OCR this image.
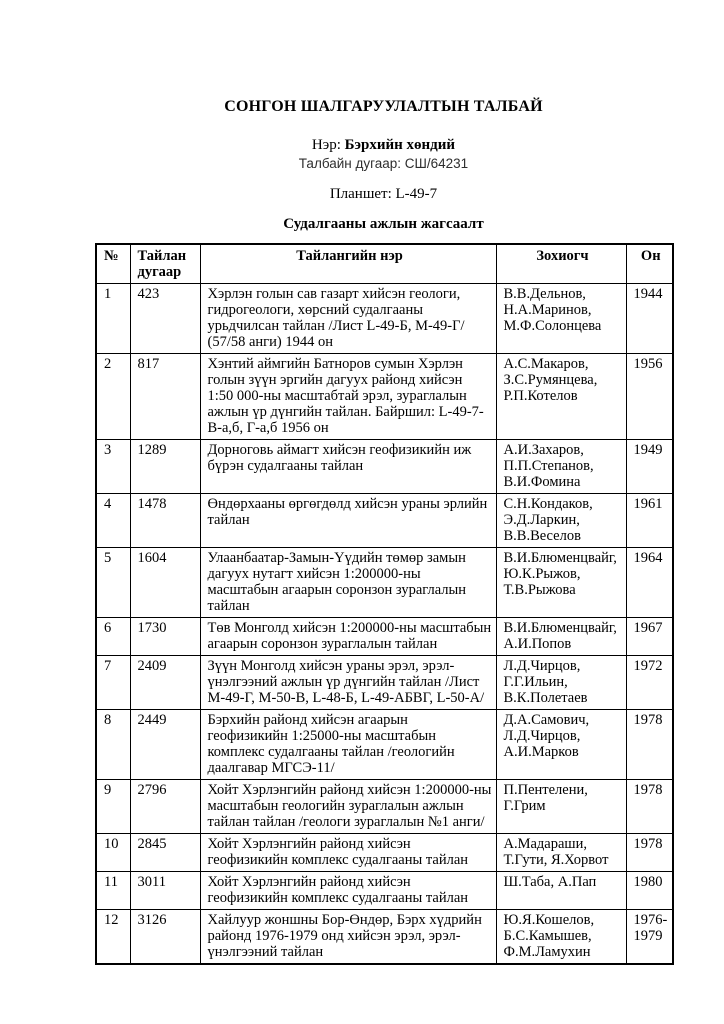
СОНГОН ШАЛГАРУУЛАЛТЫН ТАЛБАЙ
Нэр: Бэрхийн хөндий
Талбайн дугаар: СШ/64231
Планшет: L-49-7
Судалгааны ажлын жагсаалт
№	Тайлан дугаар	Тайлангийн нэр	Зохиогч	Он
1	423	Хэрлэн голын сав газарт хийсэн геологи, гидрогеологи, хөрсний судалгааны урьдчилсан тайлан /Лист L-49-Б, М-49-Г/ (57/58 анги) 1944 он	В.В.Дельнов, Н.А.Маринов, М.Ф.Солонцева	1944
2	817	Хэнтий аймгийн Батноров сумын Хэрлэн голын зүүн эргийн дагуух районд хийсэн 1:50 000-ны масштабтай эрэл, зураглалын ажлын үр дүнгийн тайлан. Байршил: L-49-7-В-а,б, Г-а,б 1956 он	А.С.Макаров, З.С.Румянцева, Р.П.Котелов	1956
3	1289	Дорноговь аймагт хийсэн геофизикийн иж бүрэн судалгааны тайлан	А.И.Захаров, П.П.Степанов, В.И.Фомина	1949
4	1478	Өндөрхааны өргөгдөлд хийсэн ураны эрлийн тайлан	С.Н.Кондаков, Э.Д.Ларкин, В.В.Веселов	1961
5	1604	Улаанбаатар-Замын-Үүдийн төмөр замын дагуух нутагт хийсэн 1:200000-ны масштабын агаарын соронзон зураглалын тайлан	В.И.Блюменцвайг, Ю.К.Рыжов, Т.В.Рыжова	1964
6	1730	Төв Монголд хийсэн 1:200000-ны масштабын агаарын соронзон зураглалын тайлан	В.И.Блюменцвайг, А.И.Попов	1967
7	2409	Зүүн Монголд хийсэн ураны эрэл, эрэл-үнэлгээний ажлын үр дүнгийн тайлан /Лист М-49-Г, М-50-В, L-48-Б, L-49-АБВГ, L-50-А/	Л.Д.Чирцов, Г.Г.Ильин, В.К.Полетаев	1972
8	2449	Бэрхийн районд хийсэн агаарын геофизикийн 1:25000-ны масштабын комплекс судалгааны тайлан /геологийн даалгавар МГСЭ-11/	Д.А.Самович, Л.Д.Чирцов, А.И.Марков	1978
9	2796	Хойт Хэрлэнгийн районд хийсэн 1:200000-ны масштабын геологийн зураглалын ажлын тайлан тайлан /геологи зураглалын №1 анги/	П.Пентелени, Г.Грим	1978
10	2845	Хойт Хэрлэнгийн районд хийсэн геофизикийн комплекс судалгааны тайлан	А.Мадараши, Т.Гути, Я.Хорвот	1978
11	3011	Хойт Хэрлэнгийн районд хийсэн геофизикийн комплекс судалгааны тайлан	Ш.Таба, А.Пап	1980
12	3126	Хайлуур жоншны Бор-Өндөр, Бэрх хүдрийн районд 1976-1979 онд хийсэн эрэл, эрэл-үнэлгээний тайлан	Ю.Я.Кошелов, Б.С.Камышев, Ф.М.Ламухин	1976-1979
